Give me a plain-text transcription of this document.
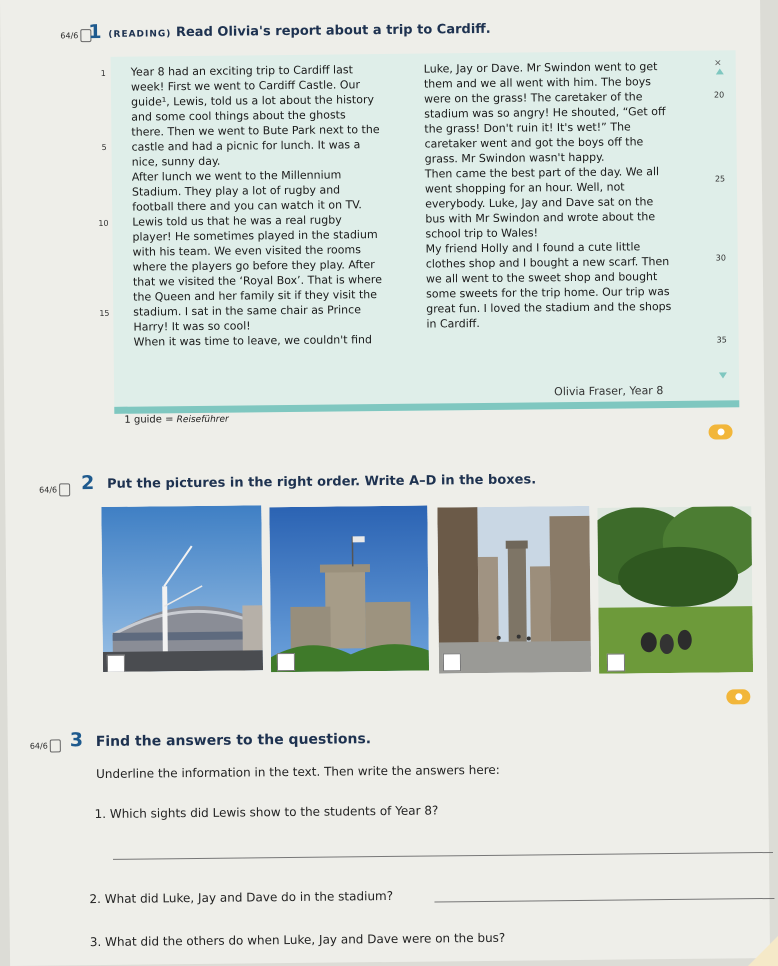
64/6 1 (READING) Read Olivia's report about a trip to Cardiff.
×

Year 8 had an exciting trip to Cardiff last

week! First we went to Cardiff Castle. Our

guide¹, Lewis, told us a lot about the history

and some cool things about the ghosts

there. Then we went to Bute Park next to the

castle and had a picnic for lunch. It was a

nice, sunny day.

After lunch we went to the Millennium

Stadium. They play a lot of rugby and

football there and you can watch it on TV.

Lewis told us that he was a real rugby

player! He sometimes played in the stadium

with his team. We even visited the rooms

where the players go before they play. After

that we visited the ‘Royal Box’. That is where

the Queen and her family sit if they visit the

stadium. I sat in the same chair as Prince

Harry! It was so cool!

When it was time to leave, we couldn't find

Luke, Jay or Dave. Mr Swindon went to get

them and we all went with him. The boys

were on the grass! The caretaker of the

stadium was so angry! He shouted, “Get off

the grass! Don't ruin it! It's wet!” The

caretaker went and got the boys off the

grass. Mr Swindon wasn't happy.

Then came the best part of the day. We all

went shopping for an hour. Well, not

everybody. Luke, Jay and Dave sat on the

bus with Mr Swindon and wrote about the

school trip to Wales!

My friend Holly and I found a cute little

clothes shop and I bought a new scarf. Then

we all went to the sweet shop and bought

some sweets for the trip home. Our trip was

great fun. I loved the stadium and the shops

in Cardiff.

1
5
10
15
20
25
30
35
Olivia Fraser, Year 8
1 guide = Reiseführer
64/6	2 Put the pictures in the right order. Write A–D in the boxes.
64/6	3 Find the answers to the questions.
Underline the information in the text. Then write the answers here:
1. Which sights did Lewis show to the students of Year 8?
2. What did Luke, Jay and Dave do in the stadium?
3. What did the others do when Luke, Jay and Dave were on the bus?
